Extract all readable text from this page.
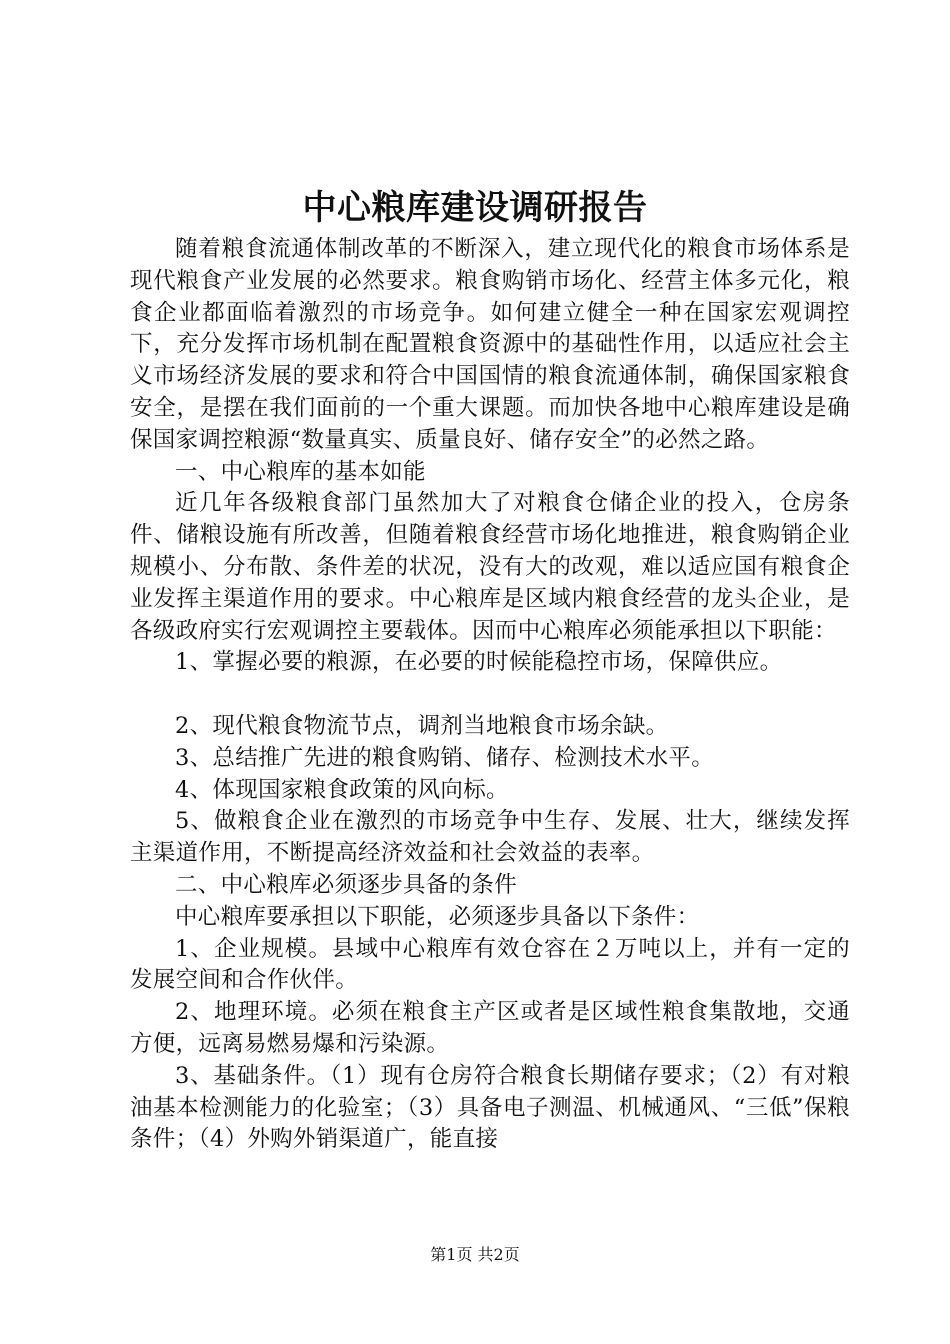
中心粮库建设调研报告

随着粮食流通体制改革的不断深入，建立现代化的粮食市场体系是现代粮食产业发展的必然要求。粮食购销市场化、经营主体多元化，粮食企业都面临着激烈的市场竞争。如何建立健全一种在国家宏观调控下，充分发挥市场机制在配置粮食资源中的基础性作用，以适应社会主义市场经济发展的要求和符合中国国情的粮食流通体制，确保国家粮食安全，是摆在我们面前的一个重大课题。而加快各地中心粮库建设是确保国家调控粮源“数量真实、质量良好、储存安全”的必然之路。

一、中心粮库的基本如能

近几年各级粮食部门虽然加大了对粮食仓储企业的投入，仓房条件、储粮设施有所改善，但随着粮食经营市场化地推进，粮食购销企业规模小、分布散、条件差的状况，没有大的改观，难以适应国有粮食企业发挥主渠道作用的要求。中心粮库是区域内粮食经营的龙头企业，是各级政府实行宏观调控主要载体。因而中心粮库必须能承担以下职能：

1、掌握必要的粮源，在必要的时候能稳控市场，保障供应。

2、现代粮食物流节点，调剂当地粮食市场余缺。

3、总结推广先进的粮食购销、储存、检测技术水平。

4、体现国家粮食政策的风向标。

5、做粮食企业在激烈的市场竞争中生存、发展、壮大，继续发挥主渠道作用，不断提高经济效益和社会效益的表率。

二、中心粮库必须逐步具备的条件

中心粮库要承担以下职能，必须逐步具备以下条件：

1、企业规模。县域中心粮库有效仓容在２万吨以上，并有一定的发展空间和合作伙伴。

2、地理环境。必须在粮食主产区或者是区域性粮食集散地，交通方便，远离易燃易爆和污染源。

3、基础条件。（1）现有仓房符合粮食长期储存要求；（2）有对粮油基本检测能力的化验室；（3）具备电子测温、机械通风、“三低”保粮条件；（4）外购外销渠道广，能直接

第1页 共2页
